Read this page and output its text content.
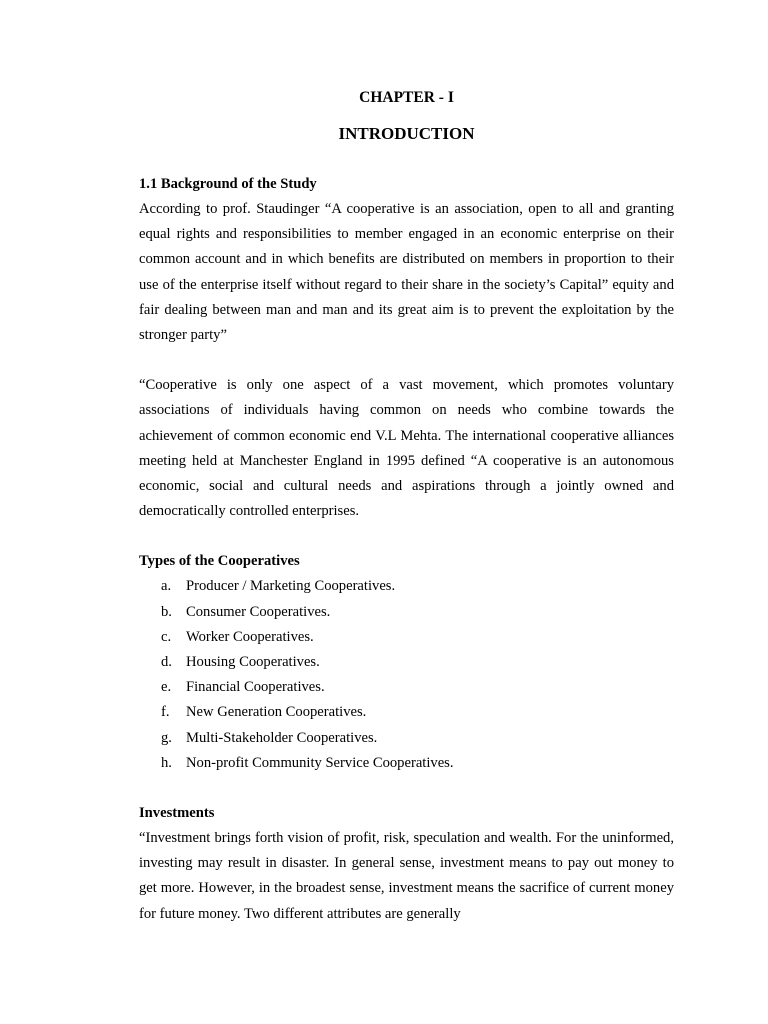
CHAPTER - I

INTRODUCTION

1.1 Background of the Study

According to prof. Staudinger “A cooperative is an association, open to all and granting equal rights and responsibilities to member engaged in an economic enterprise on their common account and in which benefits are distributed on members in proportion to their use of the enterprise itself without regard to their share in the society’s Capital” equity and fair dealing between man and man and its great aim is to prevent the exploitation by the stronger party”

“Cooperative is only one aspect of a vast movement, which promotes voluntary associations of individuals having common on needs who combine towards the achievement of common economic end V.L Mehta. The international cooperative alliances meeting held at Manchester England in 1995 defined “A cooperative is an autonomous economic, social and cultural needs and aspirations through a jointly owned and democratically controlled enterprises.

Types of the Cooperatives

a.	Producer / Marketing Cooperatives.
b. Consumer Cooperatives.
c.	Worker Cooperatives.
d. Housing Cooperatives.
e.	Financial Cooperatives.
f.	New Generation Cooperatives.
g. Multi-Stakeholder Cooperatives.
h. Non-profit Community Service Cooperatives.

Investments

“Investment brings forth vision of profit, risk, speculation and wealth. For the uninformed, investing may result in disaster. In general sense, investment means to pay out money to get more. However, in the broadest sense, investment means the sacrifice of current money for future money. Two different attributes are generally
